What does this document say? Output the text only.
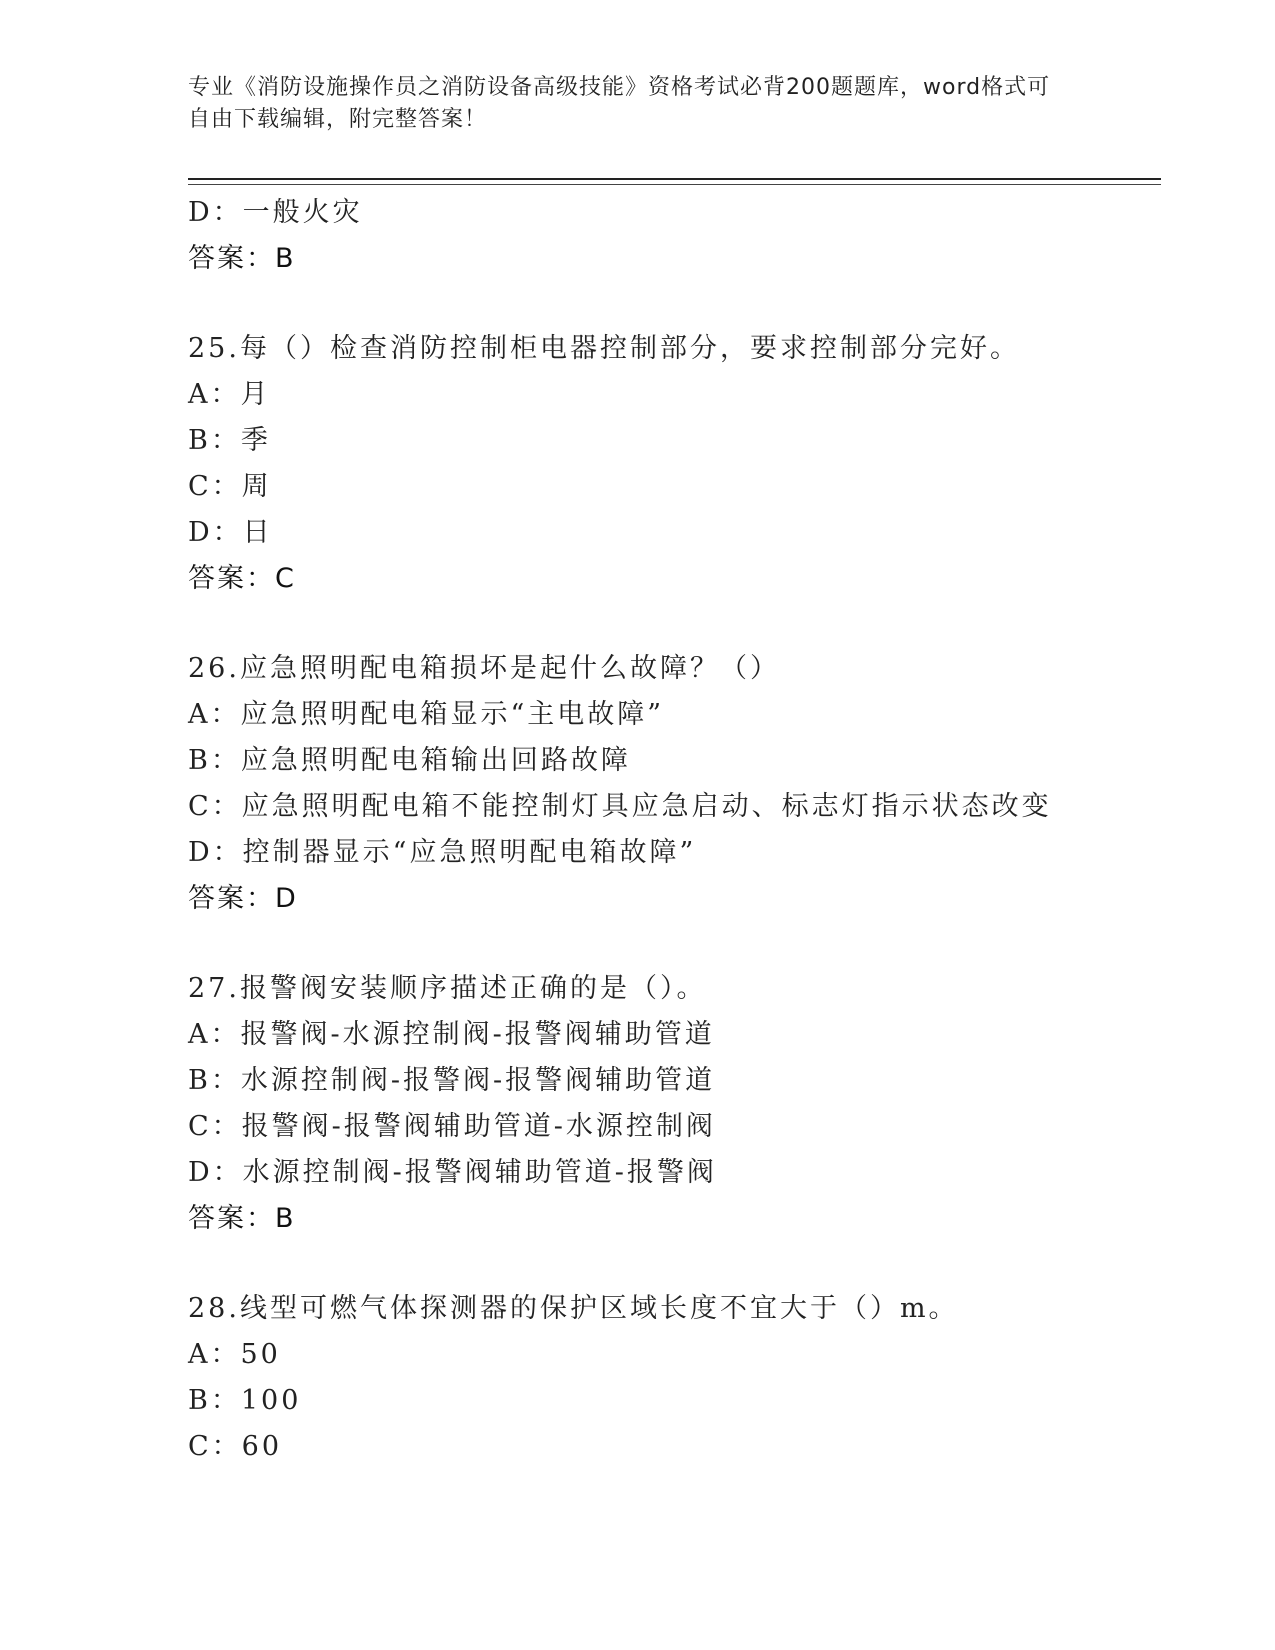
专业《消防设施操作员之消防设备高级技能》资格考试必背200题题库，word格式可自由下载编辑，附完整答案！
D：一般火灾
答案：B
25.每（）检查消防控制柜电器控制部分，要求控制部分完好。
A：月
B：季
C：周
D：日
答案：C
26.应急照明配电箱损坏是起什么故障？（）
A：应急照明配电箱显示“主电故障”
B：应急照明配电箱输出回路故障
C：应急照明配电箱不能控制灯具应急启动、标志灯指示状态改变
D：控制器显示“应急照明配电箱故障”
答案：D
27.报警阀安装顺序描述正确的是（）。
A：报警阀-水源控制阀-报警阀辅助管道
B：水源控制阀-报警阀-报警阀辅助管道
C：报警阀-报警阀辅助管道-水源控制阀
D：水源控制阀-报警阀辅助管道-报警阀
答案：B
28.线型可燃气体探测器的保护区域长度不宜大于（）m。
A：50
B：100
C：60
